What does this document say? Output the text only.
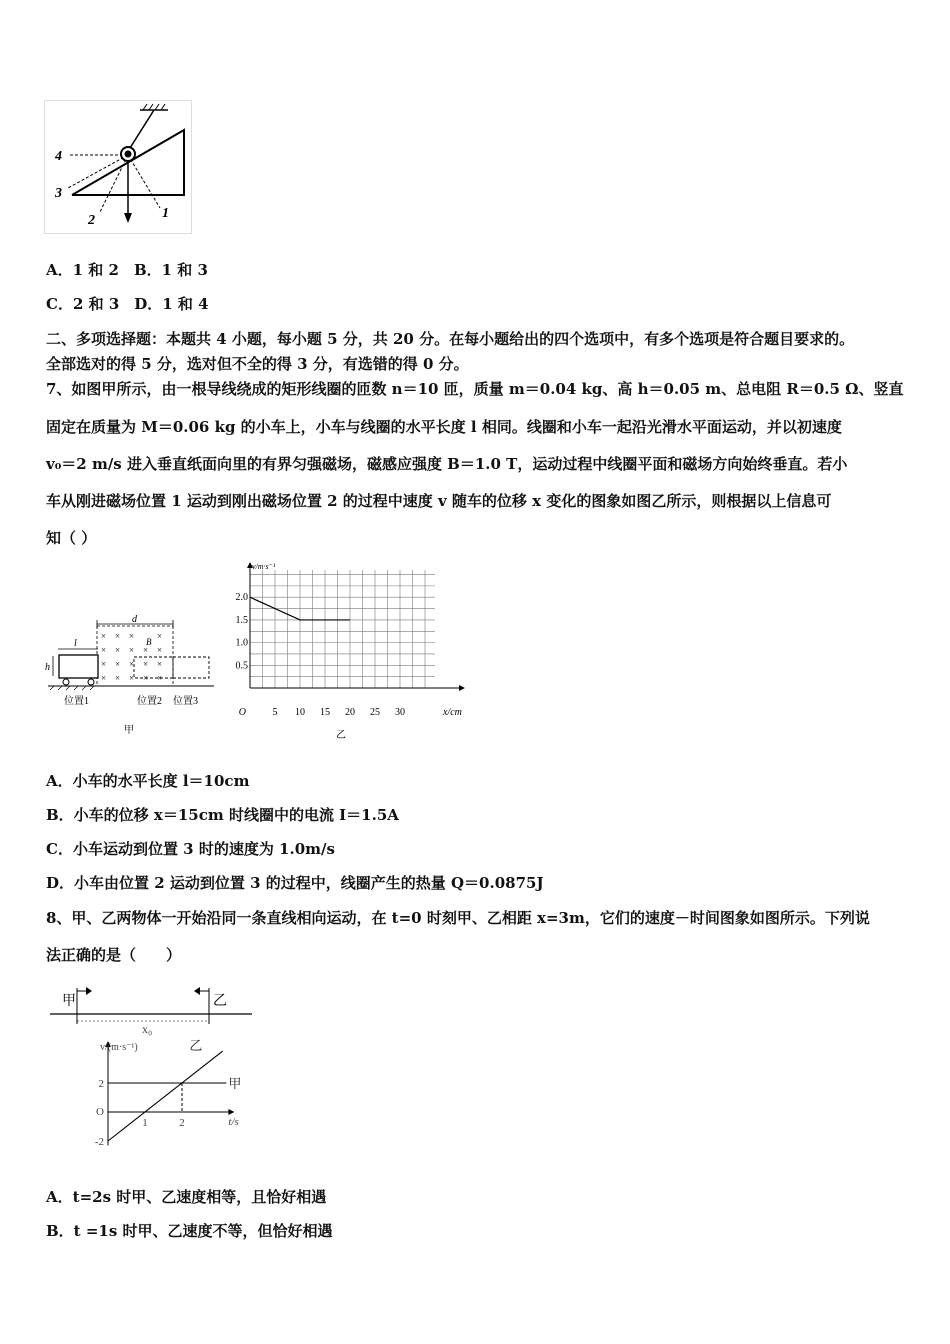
4
3
2	1
A．1 和 2　B．1 和 3
C．2 和 3　D．1 和 4
二、多项选择题：本题共 4 小题，每小题 5 分，共 20 分。在每小题给出的四个选项中，有多个选项是符合题目要求的。
全部选对的得 5 分，选对但不全的得 3 分，有选错的得 0 分。
7、如图甲所示，由一根导线绕成的矩形线圈的匝数 n＝10 匝，质量 m＝0.04 kg、高 h＝0.05 m、总电阻 R＝0.5 Ω、竖直
固定在质量为 M＝0.06 kg 的小车上，小车与线圈的水平长度 l 相同。线圈和小车一起沿光滑水平面运动，并以初速度
v₀＝2 m/s 进入垂直纸面向里的有界匀强磁场，磁感应强度 B＝1.0 T，运动过程中线圈平面和磁场方向始终垂直。若小
车从刚进磁场位置 1 运动到刚出磁场位置 2 的过程中速度 v 随车的位移 x 变化的图象如图乙所示，则根据以上信息可
知（ ）
d
× × ×	×
× × × × ×
× × × × ×
× × × × ×
B
l
h
位置1	位置2 位置3
甲
5 10 15 20 25 30
0.5
1.0
1.5
2.0
O
v/m·s⁻¹
x/cm
乙
A．小车的水平长度 l＝10cm
B．小车的位移 x＝15cm 时线圈中的电流 I＝1.5A
C．小车运动到位置 3 时的速度为 1.0m/s
D．小车由位置 2 运动到位置 3 的过程中，线圈产生的热量 Q＝0.0875J
8、甲、乙两物体一开始沿同一条直线相向运动，在 t=0 时刻甲、乙相距 x=3m，它们的速度－时间图象如图所示。下列说
法正确的是（　　）
甲	乙
x₀
1	2
2
-2
O
v/(m·s⁻¹)
t/s
甲
乙
A．t=2s 时甲、乙速度相等，且恰好相遇
B．t =1s 时甲、乙速度不等，但恰好相遇
